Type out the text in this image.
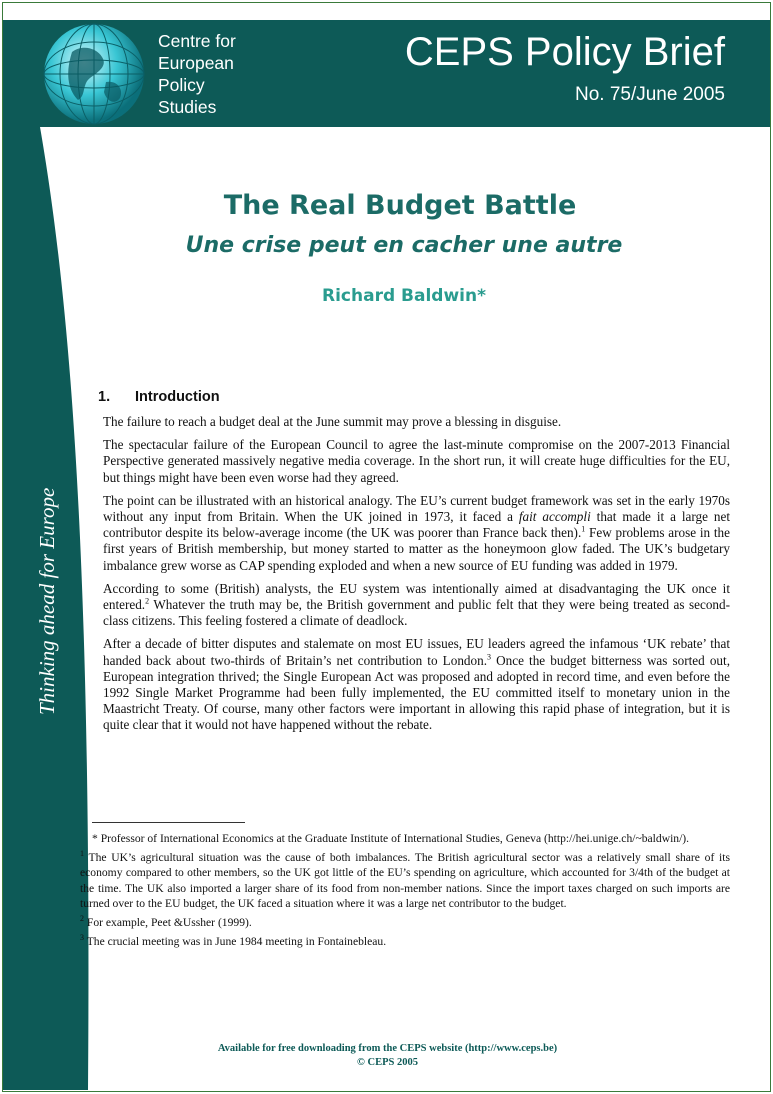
Centre for
European
Policy
Studies
CEPS Policy Brief
No. 75/June 2005
Thinking ahead for Europe
The Real Budget Battle
Une crise peut en cacher une autre
Richard Baldwin*
1. Introduction

The failure to reach a budget deal at the June summit may prove a blessing in disguise.

The spectacular failure of the European Council to agree the last-minute compromise on the 2007-2013 Financial Perspective generated massively negative media coverage. In the short run, it will create huge difficulties for the EU, but things might have been even worse had they agreed.

The point can be illustrated with an historical analogy. The EU’s current budget framework was set in the early 1970s without any input from Britain. When the UK joined in 1973, it faced a fait accompli that made it a large net contributor despite its below-average income (the UK was poorer than France back then).$^1$ Few problems arose in the first years of British membership, but money started to matter as the honeymoon glow faded. The UK’s budgetary imbalance grew worse as CAP spending exploded and when a new source of EU funding was added in 1979.

According to some (British) analysts, the EU system was intentionally aimed at disadvantaging the UK once it entered.$^2$ Whatever the truth may be, the British government and public felt that they were being treated as second-class citizens. This feeling fostered a climate of deadlock.

After a decade of bitter disputes and stalemate on most EU issues, EU leaders agreed the infamous ‘UK rebate’ that handed back about two-thirds of Britain’s net contribution to London.$^3$ Once the budget bitterness was sorted out, European integration thrived; the Single European Act was proposed and adopted in record time, and even before the 1992 Single Market Programme had been fully implemented, the EU committed itself to monetary union in the Maastricht Treaty. Of course, many other factors were important in allowing this rapid phase of integration, but it is quite clear that it would not have happened without the rebate.

* Professor of International Economics at the Graduate Institute of International Studies, Geneva (http://hei.unige.ch/~baldwin/).

$^1$ The UK’s agricultural situation was the cause of both imbalances. The British agricultural sector was a relatively small share of its economy compared to other members, so the UK got little of the EU’s spending on agriculture, which accounted for 3/4th of the budget at the time. The UK also imported a larger share of its food from non-member nations. Since the import taxes charged on such imports are turned over to the EU budget, the UK faced a situation where it was a large net contributor to the budget.

$^2$ For example, Peet &Ussher (1999).

$^3$ The crucial meeting was in June 1984 meeting in Fontainebleau.

Available for free downloading from the CEPS website (http://www.ceps.be)
© CEPS 2005
